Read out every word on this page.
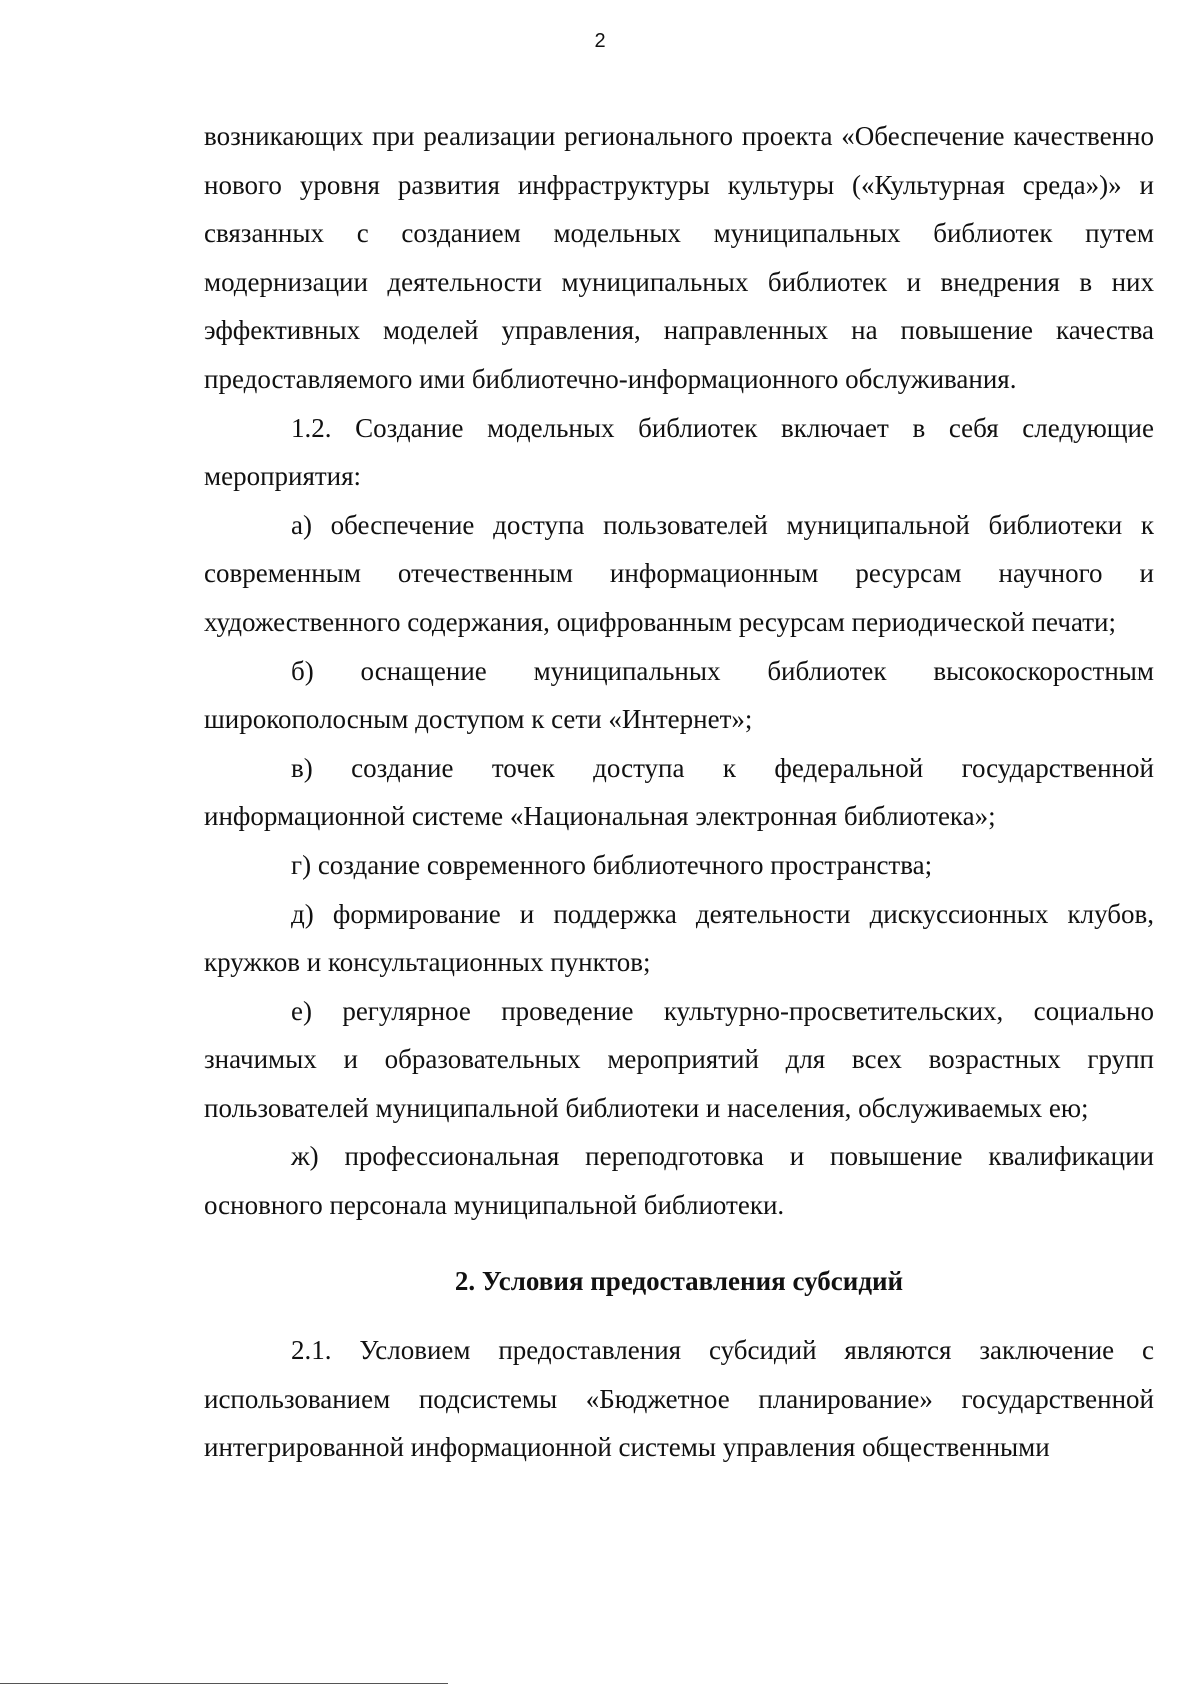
2

возникающих при реализации регионального проекта «Обеспечение качественно нового уровня развития инфраструктуры культуры («Культурная среда»)» и связанных с созданием модельных муниципальных библиотек путем модернизации деятельности муниципальных библиотек и внедрения в них эффективных моделей управления, направленных на повышение качества предоставляемого ими библиотечно-информационного обслуживания.

1.2. Создание модельных библиотек включает в себя следующие мероприятия:

а) обеспечение доступа пользователей муниципальной библиотеки к современным отечественным информационным ресурсам научного и художественного содержания, оцифрованным ресурсам периодической печати;

б) оснащение муниципальных библиотек высокоскоростным широкополосным доступом к сети «Интернет»;

в) создание точек доступа к федеральной государственной информационной системе «Национальная электронная библиотека»;

г) создание современного библиотечного пространства;

д) формирование и поддержка деятельности дискуссионных клубов, кружков и консультационных пунктов;

е) регулярное проведение культурно-просветительских, социально значимых и образовательных мероприятий для всех возрастных групп пользователей муниципальной библиотеки и населения, обслуживаемых ею;

ж) профессиональная переподготовка и повышение квалификации основного персонала муниципальной библиотеки.

2. Условия предоставления субсидий

2.1. Условием предоставления субсидий являются заключение с использованием подсистемы «Бюджетное планирование» государственной интегрированной информационной системы управления общественными
